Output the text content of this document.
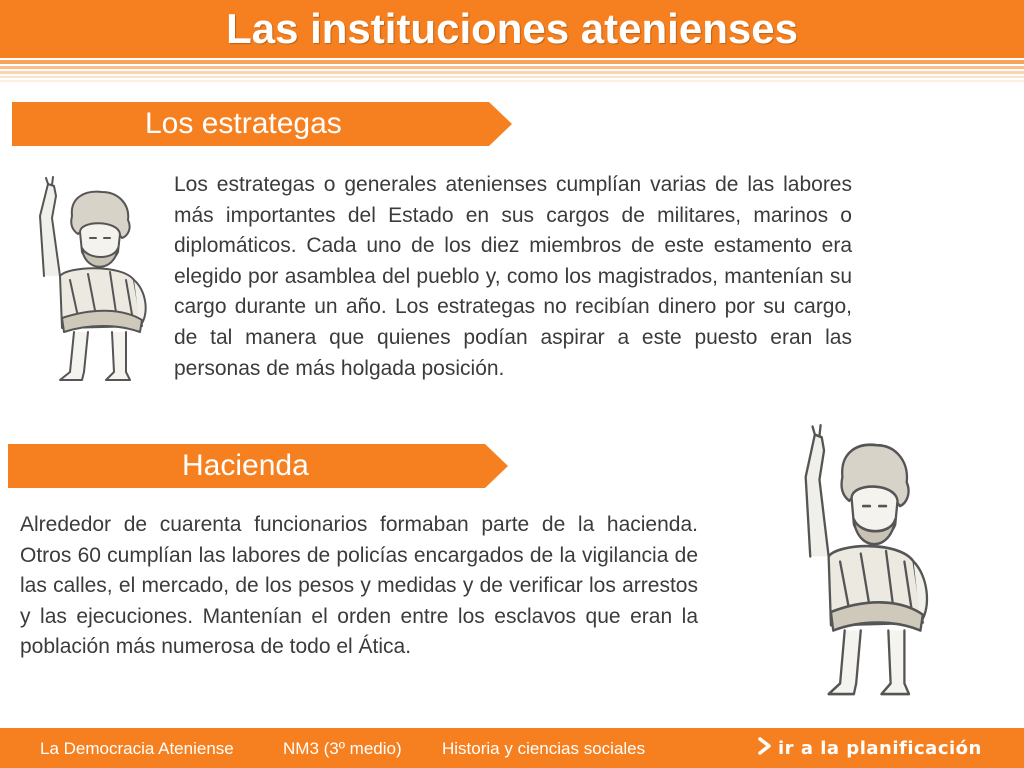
Las instituciones atenienses
Los estrategas

Los estrategas o generales atenienses cumplían varias de las labores más importantes del Estado en sus cargos de militares, marinos o diplomáticos. Cada uno de los diez miembros de este estamento era elegido por asamblea del pueblo y, como los magistrados, mantenían su cargo durante un año. Los estrategas no recibían dinero por su cargo, de tal manera que quienes podían aspirar a este puesto eran las personas de más holgada posición.

Hacienda

Alrededor de cuarenta funcionarios formaban parte de la hacienda. Otros 60 cumplían las labores de policías encargados de la vigilancia de las calles, el mercado, de los pesos y medidas y de verificar los arrestos y las ejecuciones. Mantenían el orden entre los esclavos que eran la población más numerosa de todo el Ática.

La Democracia Ateniense	NM3 (3º medio) Historia y ciencias sociales	ir a la planificación
